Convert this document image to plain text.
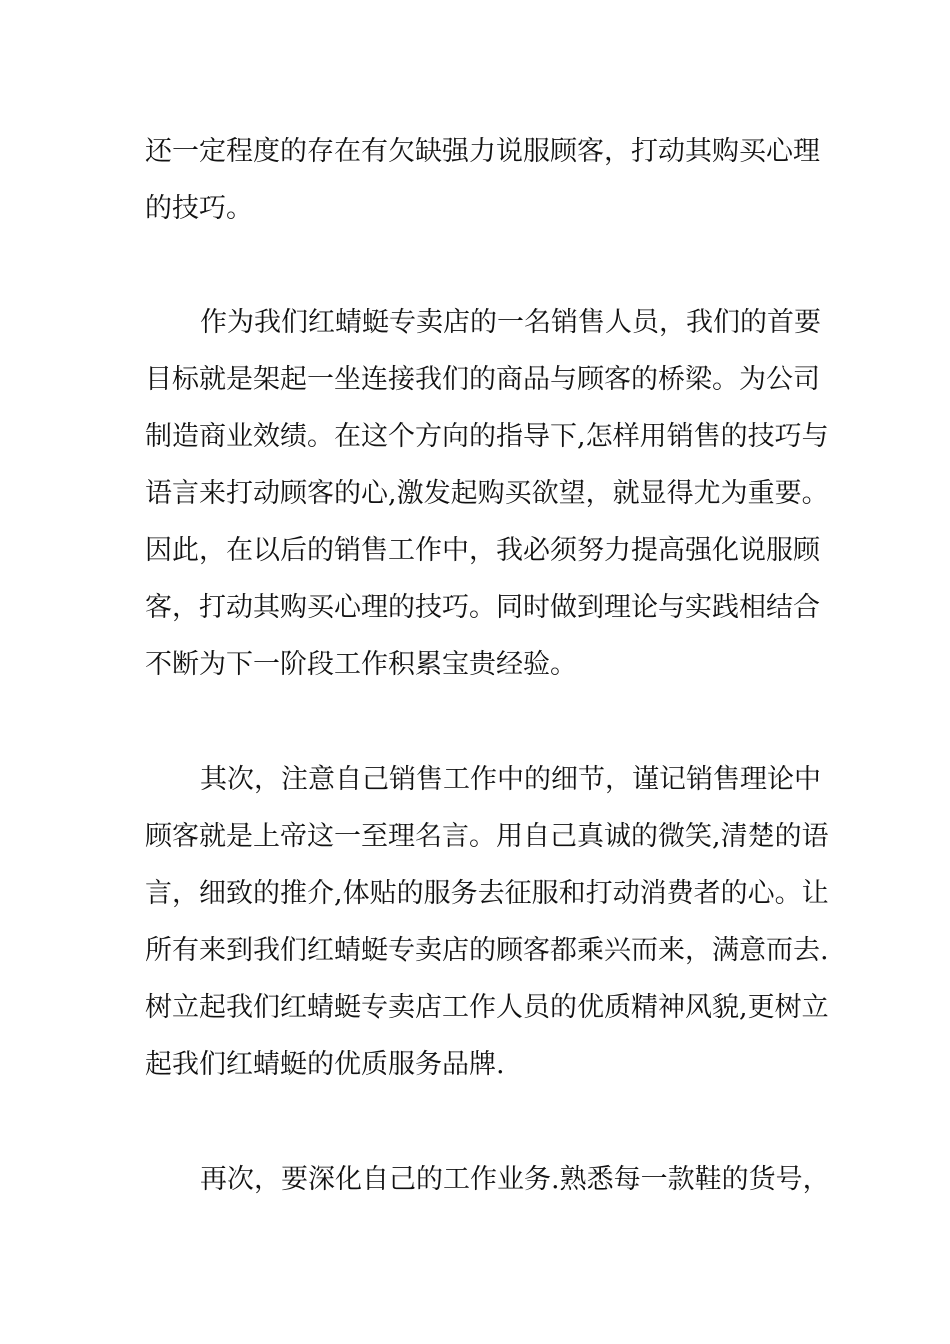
还一定程度的存在有欠缺强力说服顾客，打动其购买心理

的技巧。

作为我们红蜻蜓专卖店的一名销售人员，我们的首要

目标就是架起一坐连接我们的商品与顾客的桥梁。为公司

制造商业效绩。在这个方向的指导下,怎样用销售的技巧与

语言来打动顾客的心,激发起购买欲望，就显得尤为重要。

因此，在以后的销售工作中，我必须努力提高强化说服顾

客，打动其购买心理的技巧。同时做到理论与实践相结合

不断为下一阶段工作积累宝贵经验。

其次，注意自己销售工作中的细节，谨记销售理论中

顾客就是上帝这一至理名言。用自己真诚的微笑,清楚的语

言，细致的推介,体贴的服务去征服和打动消费者的心。让

所有来到我们红蜻蜓专卖店的顾客都乘兴而来，满意而去.

树立起我们红蜻蜓专卖店工作人员的优质精神风貌,更树立

起我们红蜻蜓的优质服务品牌.

再次，要深化自己的工作业务.熟悉每一款鞋的货号，
